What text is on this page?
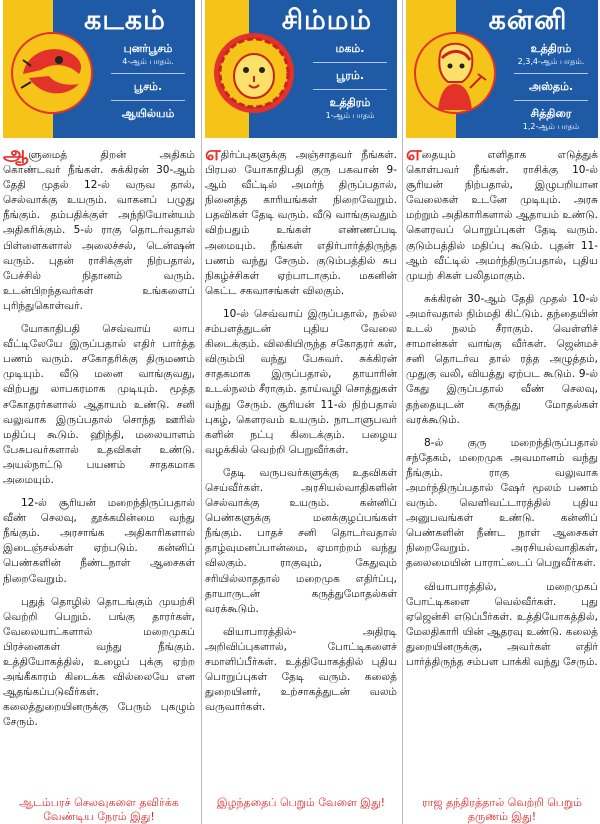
கடகம்
புனர்பூசம்
4-ஆம் பாதம்.
பூசம்.
ஆயில்யம்

ஆளுமைத் திறன் அதிகம் கொண்டவர் நீங்கள். சுக்கிரன் 30-ஆம் தேதி முதல் 12-ல் வருவ தால், செல்வாக்கு உயரும். வாகனப் பழுது நீங்கும். தம்பதிக்குள் அந்நியோன்யம் அதிகரிக்கும். 5-ல் ராகு தொடர்வதால் பிள்ளைகளால் அலைச்சல், டென்ஷன் வரும். புதன் ராசிக்குள் நிற்பதால், பேச்சில் நிதானம் வரும். உடன்பிறந்தவர்கள் உங்களைப் புரிந்துகொள்வர்.

யோகாதிபதி செவ்வாய் லாப வீட்டிலேயே இருப்பதால் எதிர் பார்த்த பணம் வரும். சகோதரிக்கு திருமணம் முடியும். வீடு மனை வாங்குவது, விற்பது லாபகரமாக முடியும். மூத்த சகோதரர்களால் ஆதாயம் உண்டு. சனி வலுவாக இருப்பதால் சொந்த ஊரில் மதிப்பு கூடும். ஹிந்தி, மலையாளம் பேசுபவர்களால் உதவிகள் உண்டு. அயல்நாட்டு பயணம் சாதகமாக அமையும்.

12-ல் சூரியன் மறைந்திருப்பதால் வீண் செலவு, தூக்கமின்மை வந்து நீங்கும். அரசாங்க அதிகாரிகளால் இடைஞ்சல்கள் ஏற்படும். கன்னிப் பெண்களின் நீண்டநாள் ஆசைகள் நிறைவேறும்.

புதுத் தொழில் தொடங்கும் முயற்சி வெற்றி பெறும். பங்கு தாரர்கள், வேலையாட்களால் மறைமுகப் பிரச்னைகள் வந்து நீங்கும். உத்தியோகத்தில், உழைப் புக்கு ஏற்ற அங்கீகாரம் கிடைக்க வில்லையே என ஆதங்கப்படுவீர்கள். கலைத்துறையினருக்கு பேரும் புகழும் சேரும்.

ஆடம்பரச் செலவுகளை தவிர்க்க வேண்டிய நேரம் இது!
சிம்மம்
மகம்.
பூரம்.
உத்திரம்
1-ஆம் பாதம்

எதிர்ப்புகளுக்கு அஞ்சாதவர் நீங்கள். பிரபல யோகாதிபதி குரு பகவான் 9-ஆம் வீட்டில் அமர்ந் திருப்பதால், நினைத்த காரியங்கள் நிறைவேறும். பதவிகள் தேடி வரும். வீடு வாங்குவதும் விற்பதும் உங்கள் எண்ணப்படி அமையும். நீங்கள் எதிர்பார்த்திருந்த பணம் வந்து சேரும். குடும்பத்தில் சுப நிகழ்ச்சிகள் ஏற்பாடாகும். மகனின் கெட்ட சகவாசங்கள் விலகும்.

10-ல் செவ்வாய் இருப்பதால், நல்ல சம்பளத்துடன் புதிய வேலை கிடைக்கும். விலகியிருந்த சகோதரர் கள், விரும்பி வந்து பேசுவர். சுக்கிரன் சாதகமாக இருப்பதால், தாயாரின் உடல்நலம் சீராகும். தாய்வழி சொத்துகள் வந்து சேரும். சூரியன் 11-ல் நிற்பதால் புகழ், கௌரவம் உயரும். நாடாளுபவர் களின் நட்பு கிடைக்கும். பழைய வழக்கில் வெற்றி பெறுவீர்கள்.

தேடி வருபவர்களுக்கு உதவிகள் செய்வீர்கள். அரசியல்வாதிகளின் செல்வாக்கு உயரும். கன்னிப் பெண்களுக்கு மனக்குழப்பங்கள் நீங்கும். பாதச் சனி தொடர்வதால் தாழ்வுமனப்பான்மை, ஏமாற்றம் வந்து விலகும். ராகுவும், கேதுவும் சரியில்லாததால் மறைமுக எதிர்ப்பு, தாயாருடன் கருத்துமோதல்கள் வரக்கூடும்.

வியாபாரத்தில்- அதிரடி அறிவிப்புகளால், போட்டிகளைச் சமாளிப்பீர்கள். உத்தியோகத்தில் புதிய பொறுப்புகள் தேடி வரும். கலைத் துறையினர், உற்சாகத்துடன் வலம் வருவார்கள்.

இழந்ததைப் பெறும் வேளை இது!
கன்னி
உத்திரம்
2,3,4-ஆம் பாதம்.
அஸ்தம்.
சித்திரை
1,2-ஆம் பாதம்

எதையும் எளிதாக எடுத்துக் கொள்பவர் நீங்கள். ராசிக்கு 10-ல் சூரியன் நிற்பதால், இழுபறியான வேலைகள் உடனே முடியும். அரசு மற்றும் அதிகாரிகளால் ஆதாயம் உண்டு. கௌரவப் பொறுப்புகள் தேடி வரும். குடும்பத்தில் மதிப்பு கூடும். புதன் 11-ஆம் வீட்டில் அமர்ந்திருப்பதால், புதிய முயற் சிகள் பலிதமாகும்.

சுக்கிரன் 30-ஆம் தேதி முதல் 10-ல் அமர்வதால் நிம்மதி கிட்டும். தந்தையின் உடல் நலம் சீராகும். வெள்ளிச் சாமான்கள் வாங்கு வீர்கள். ஜென்மச் சனி தொடர்வ தால் ரத்த அழுத்தம், முதுகு வலி, வியத்து ஏற்பட கூடும். 9-ல் கேது இருப்பதால் வீண் செலவு, தந்தையுடன் கருத்து மோதல்கள் வரக்கூடும்.

8-ல் குரு மறைந்திருப்பதால் சந்தேகம், மறைமுக அவமானம் வந்து நீங்கும். ராகு வலுவாக அமர்ந்திருப்பதால் ஷேர் மூலம் பணம் வரும். வெளிவட்டாரத்தில் புதிய அனுபவங்கள் உண்டு. கன்னிப் பெண்களின் நீண்ட நாள் ஆசைகள் நிறைவேறும். அரசியல்வாதிகள், தலைமையின் பாராட்டைப் பெறுவீர்கள்.

வியாபாரத்தில், மறைமுகப் போட்டிகளை வெல்வீர்கள். புது ஏஜென்சி எடுப்பீர்கள். உத்தியோகத்தில், மேலதிகாரி யின் ஆதரவு உண்டு. கலைத் துறையினருக்கு, அவர்கள் எதிர் பார்த்திருந்த சம்பள பாக்கி வந்து சேரும்.

ராஜ தந்திரத்தால் வெற்றி பெறும் தருணம் இது!
